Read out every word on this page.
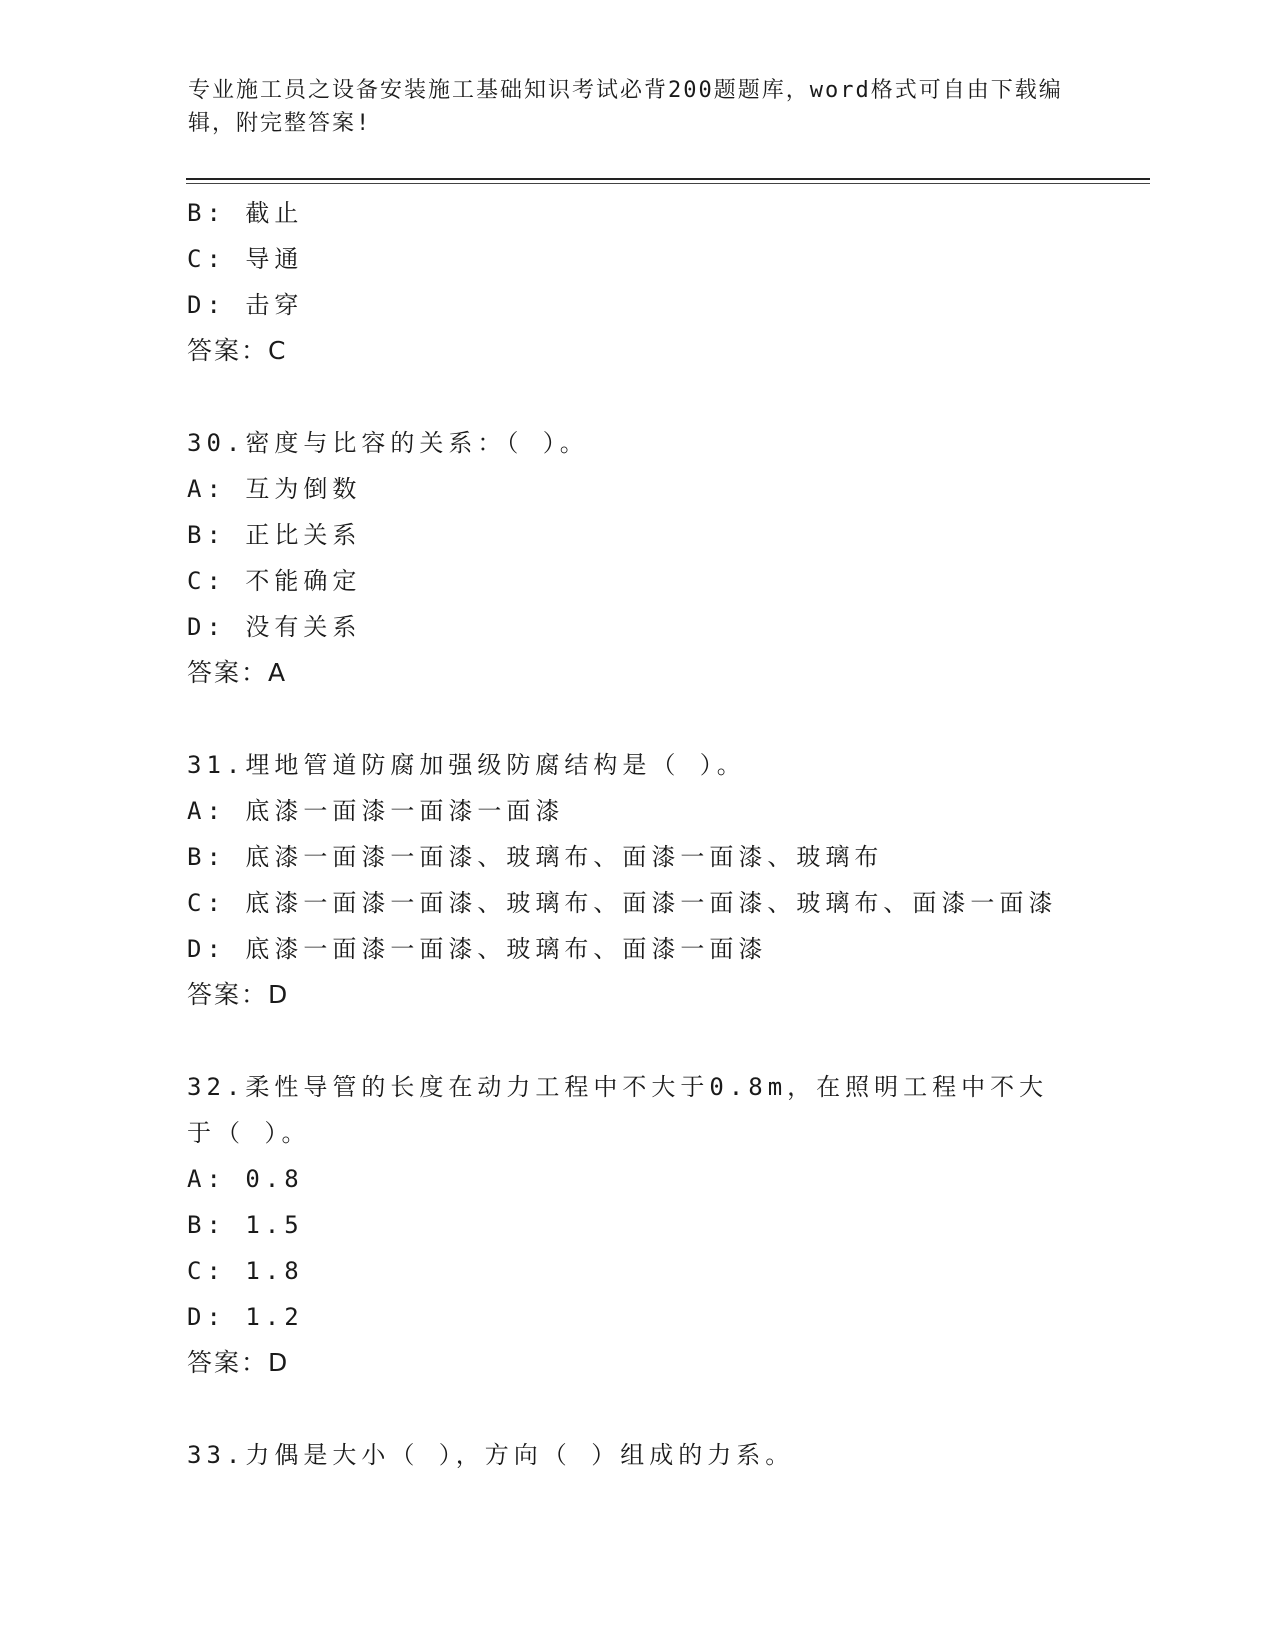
专业施工员之设备安装施工基础知识考试必背200题题库，word格式可自由下载编辑，附完整答案!

B: 截止

C: 导通

D: 击穿

答案：C

30.密度与比容的关系：（ ）。

A: 互为倒数

B: 正比关系

C: 不能确定

D: 没有关系

答案：A

31.埋地管道防腐加强级防腐结构是（ ）。

A: 底漆一面漆一面漆一面漆

B: 底漆一面漆一面漆、玻璃布、面漆一面漆、玻璃布

C: 底漆一面漆一面漆、玻璃布、面漆一面漆、玻璃布、面漆一面漆

D: 底漆一面漆一面漆、玻璃布、面漆一面漆

答案：D

32.柔性导管的长度在动力工程中不大于0.8m，在照明工程中不大于（ ）。

A: 0.8

B: 1.5

C: 1.8

D: 1.2

答案：D

33.力偶是大小（ ），方向（ ）组成的力系。
